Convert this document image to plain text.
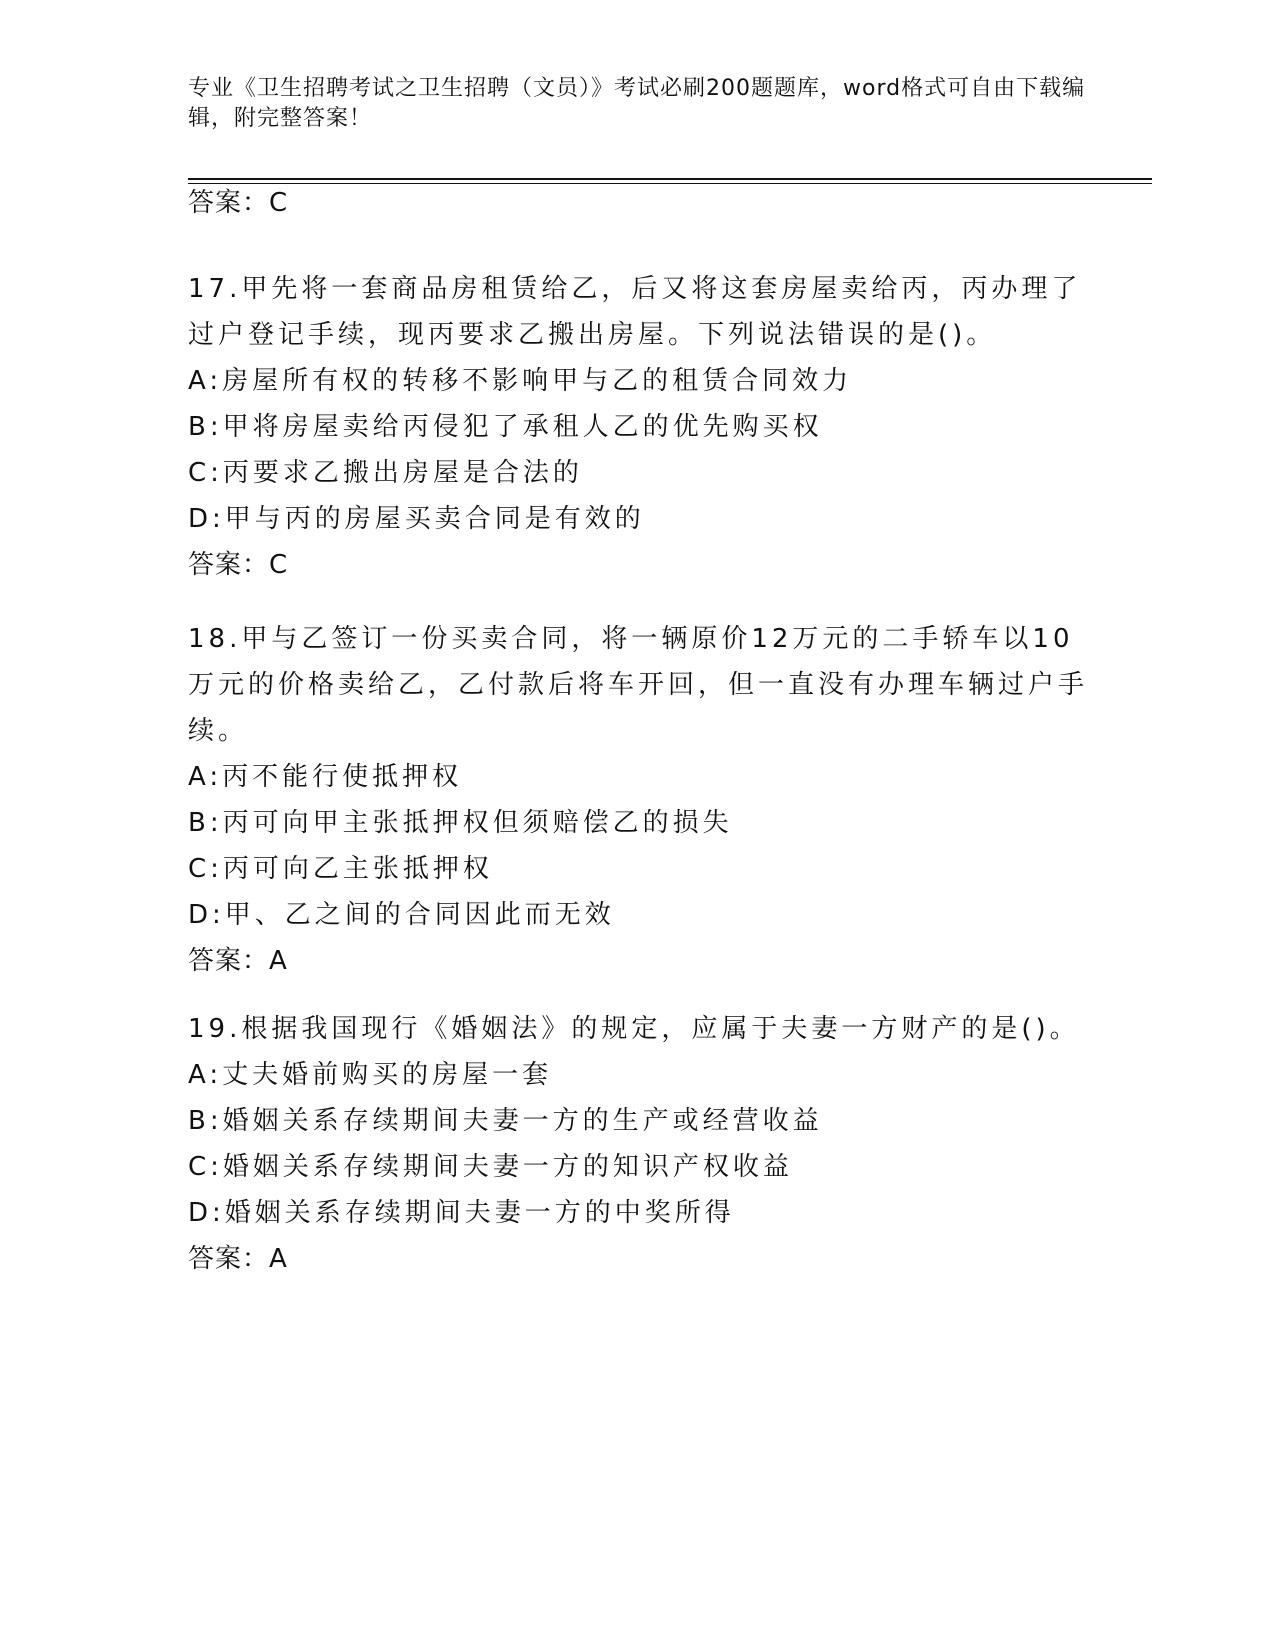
专业《卫生招聘考试之卫生招聘（文员）》考试必刷200题题库，word格式可自由下载编辑，附完整答案！
答案：C

17.甲先将一套商品房租赁给乙，后又将这套房屋卖给丙，丙办理了过户登记手续，现丙要求乙搬出房屋。下列说法错误的是()。

A:房屋所有权的转移不影响甲与乙的租赁合同效力

B:甲将房屋卖给丙侵犯了承租人乙的优先购买权

C:丙要求乙搬出房屋是合法的

D:甲与丙的房屋买卖合同是有效的

答案：C

18.甲与乙签订一份买卖合同，将一辆原价12万元的二手轿车以10万元的价格卖给乙，乙付款后将车开回，但一直没有办理车辆过户手续。

A:丙不能行使抵押权

B:丙可向甲主张抵押权但须赔偿乙的损失

C:丙可向乙主张抵押权

D:甲、乙之间的合同因此而无效

答案：A

19.根据我国现行《婚姻法》的规定，应属于夫妻一方财产的是()。

A:丈夫婚前购买的房屋一套

B:婚姻关系存续期间夫妻一方的生产或经营收益

C:婚姻关系存续期间夫妻一方的知识产权收益

D:婚姻关系存续期间夫妻一方的中奖所得

答案：A
